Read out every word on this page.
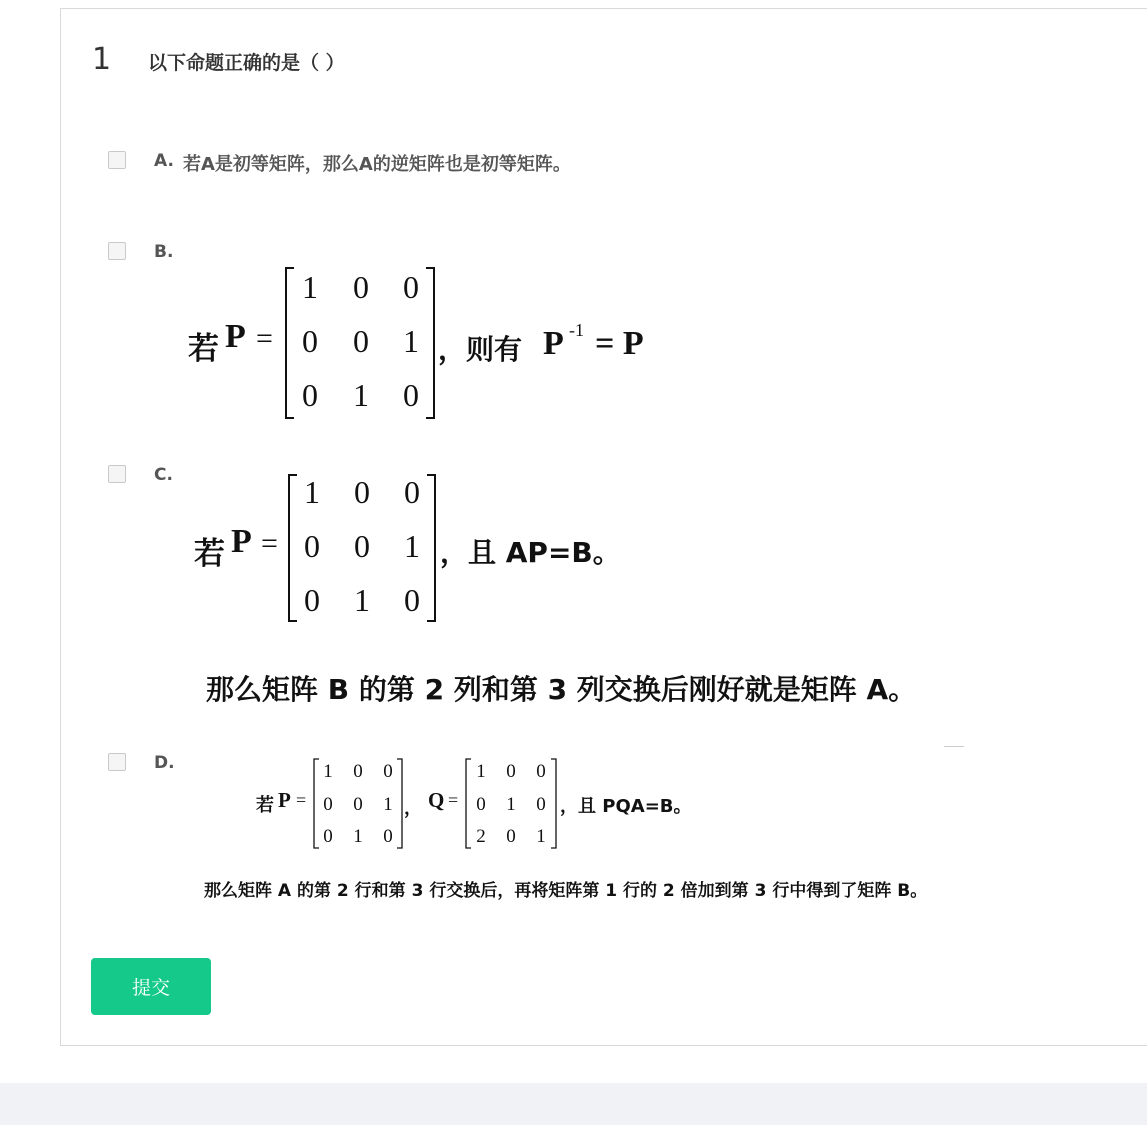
1 以下命题正确的是（ ）
A. 若A是初等矩阵，那么A的逆矩阵也是初等矩阵。
B.
若 P =
1 0 0
0 0 1
0 1 0
，则有 P -1 = P
C.
若 P =
1 0 0
0 0 1
0 1 0
，且 AP=B。
那么矩阵 B 的第 2 列和第 3 列交换后刚好就是矩阵 A。
D.
若 P =
1 0 0
0 0 1
0 1 0
， Q =
1 0 0
0 1 0
2 0 1
，且 PQA=B。
那么矩阵 A 的第 2 行和第 3 行交换后，再将矩阵第 1 行的 2 倍加到第 3 行中得到了矩阵 B。
提交
